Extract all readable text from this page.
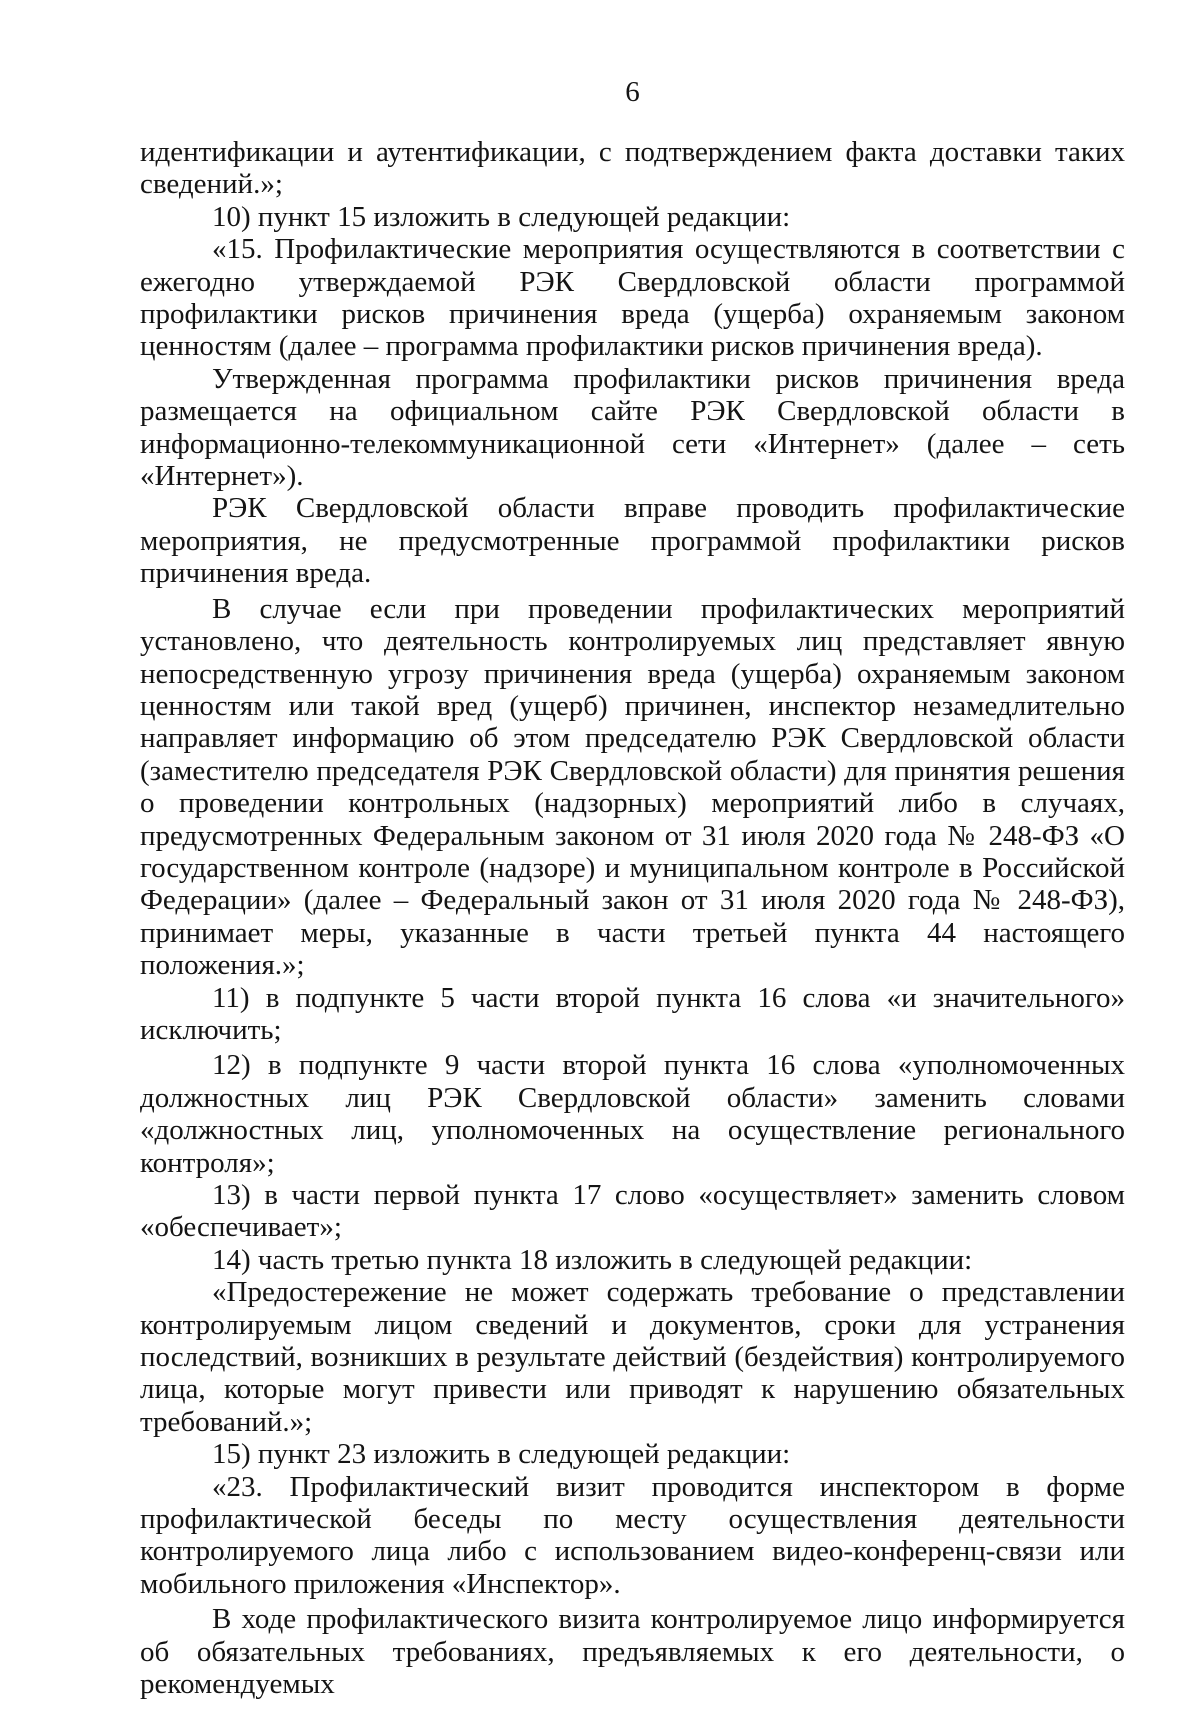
6

идентификации и аутентификации, с подтверждением факта доставки таких сведений.»;

10) пункт 15 изложить в следующей редакции:

«15. Профилактические мероприятия осуществляются в соответствии с ежегодно утверждаемой РЭК Свердловской области программой профилактики рисков причинения вреда (ущерба) охраняемым законом ценностям (далее – программа профилактики рисков причинения вреда).

Утвержденная программа профилактики рисков причинения вреда размещается на официальном сайте РЭК Свердловской области в информационно-телекоммуникационной сети «Интернет» (далее – сеть «Интернет»).

РЭК Свердловской области вправе проводить профилактические мероприятия, не предусмотренные программой профилактики рисков причинения вреда.

В случае если при проведении профилактических мероприятий установлено, что деятельность контролируемых лиц представляет явную непосредственную угрозу причинения вреда (ущерба) охраняемым законом ценностям или такой вред (ущерб) причинен, инспектор незамедлительно направляет информацию об этом председателю РЭК Свердловской области (заместителю председателя РЭК Свердловской области) для принятия решения о проведении контрольных (надзорных) мероприятий либо в случаях, предусмотренных Федеральным законом от 31 июля 2020 года № 248-ФЗ «О государственном контроле (надзоре) и муниципальном контроле в Российской Федерации» (далее – Федеральный закон от 31 июля 2020 года № 248-ФЗ), принимает меры, указанные в части третьей пункта 44 настоящего положения.»;

11) в подпункте 5 части второй пункта 16 слова «и значительного» исключить;

12) в подпункте 9 части второй пункта 16 слова «уполномоченных должностных лиц РЭК Свердловской области» заменить словами «должностных лиц, уполномоченных на осуществление регионального контроля»;

13) в части первой пункта 17 слово «осуществляет» заменить словом «обеспечивает»;

14) часть третью пункта 18 изложить в следующей редакции:

«Предостережение не может содержать требование о представлении контролируемым лицом сведений и документов, сроки для устранения последствий, возникших в результате действий (бездействия) контролируемого лица, которые могут привести или приводят к нарушению обязательных требований.»;

15) пункт 23 изложить в следующей редакции:

«23. Профилактический визит проводится инспектором в форме профилактической беседы по месту осуществления деятельности контролируемого лица либо с использованием видео-конференц-связи или мобильного приложения «Инспектор».

В ходе профилактического визита контролируемое лицо информируется об обязательных требованиях, предъявляемых к его деятельности, о рекомендуемых
